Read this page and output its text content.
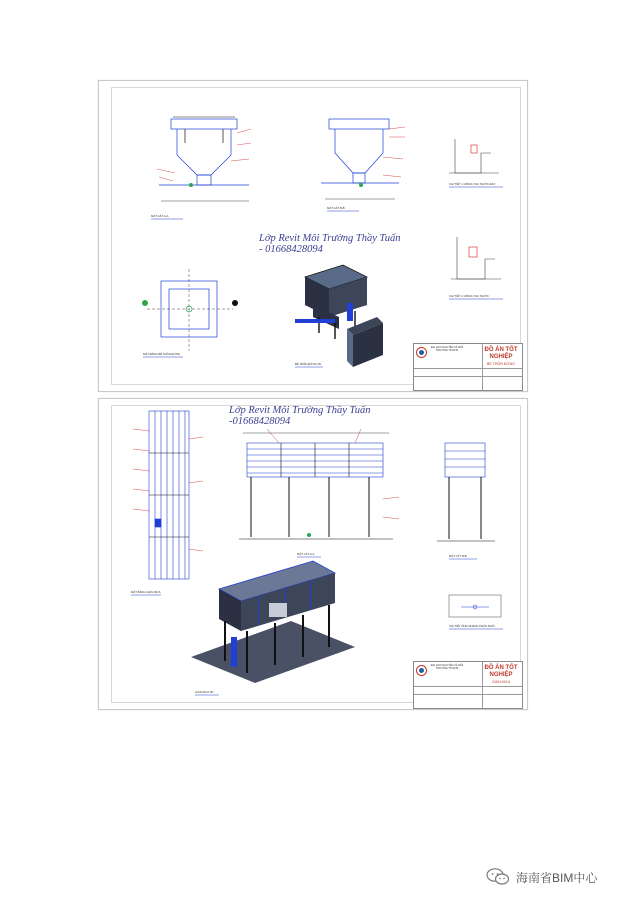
Lớp Revit Môi Trường Thầy Tuấn
- 01668428094
MẶT CẮT A-A
MẶT CẮT B-B
CHI TIẾT 1: MÁNG THU NƯỚC ĐÁY
CHI TIẾT 2: MÁNG THU NƯỚC
MẶT BẰNG BỂ TRỘN ĐỨNG
BỂ TRỘN ĐỨNG 3D
ĐẠI HỌC NGUYÊN VÀ MÔI TRƯỜNG TP.HCM	ĐỒ ÁN TỐT NGHIỆP
BỂ TRỘN ĐỨNG
Lớp Revit Môi Trường Thầy Tuấn
-01668428094
MẶT BẰNG GIÀN MƯA
MẶT CẮT A-A	MẶT CẮT B-B
CHI TIẾT ỐNG NHÁNH PHÂN PHỐI
GIÀN MƯA 3D
ĐẠI HỌC NGUYÊN VÀ MÔI TRƯỜNG TP.HCM	ĐỒ ÁN TỐT NGHIỆP
GIÀN MƯA
海南省BIM中心
